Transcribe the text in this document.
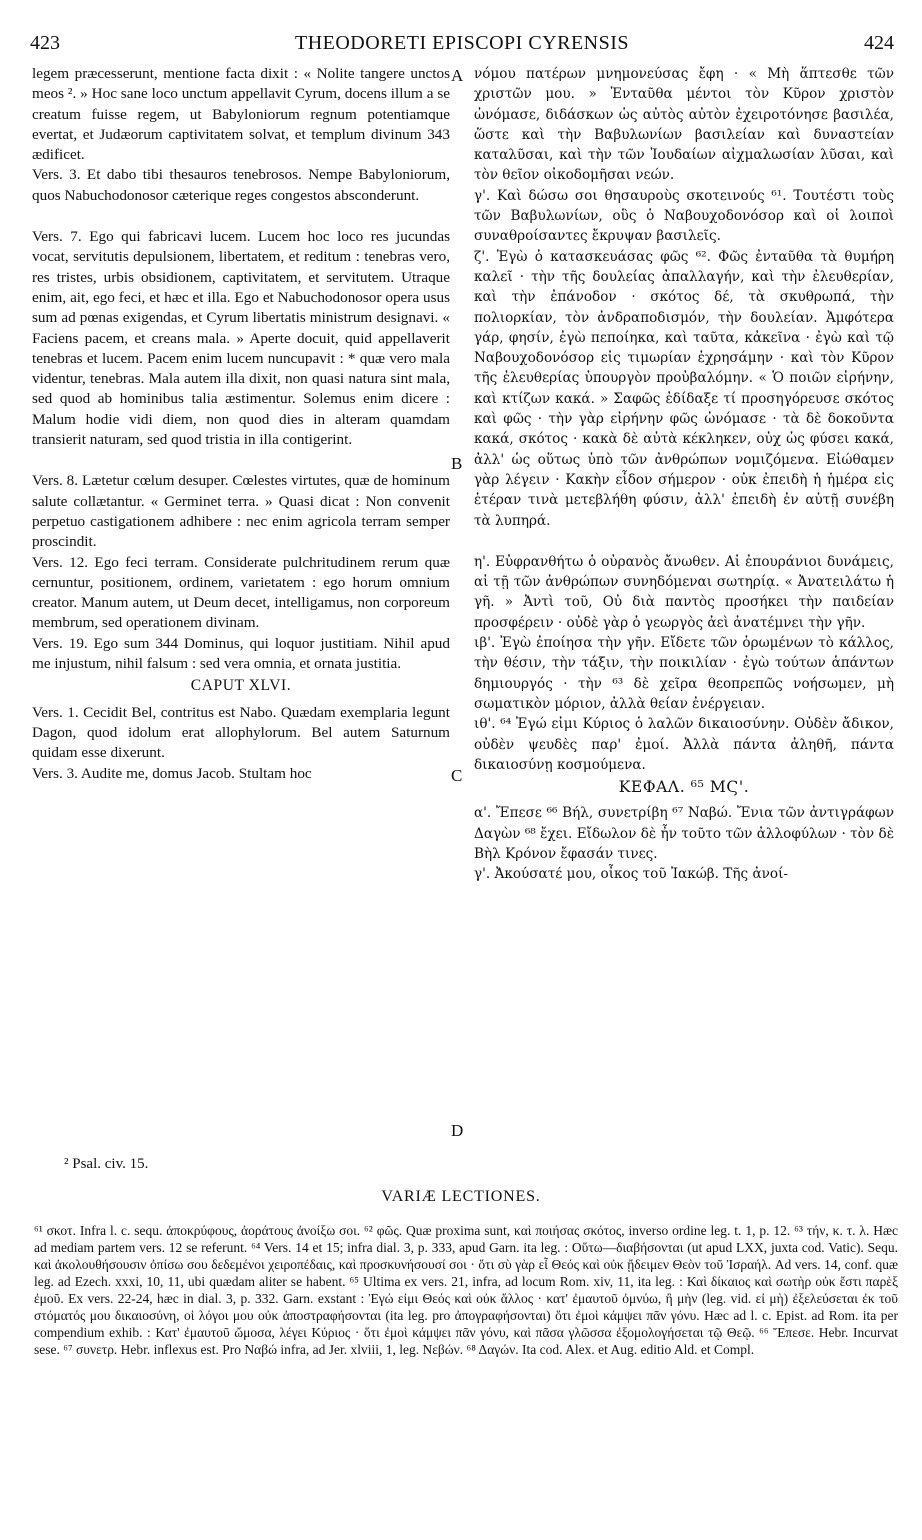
423	THEODORETI EPISCOPI CYRENSIS	424

legem præcesserunt, mentione facta dixit : « Nolite tangere unctos meos ². » Hoc sane loco unctum appellavit Cyrum, docens illum a se creatum fuisse regem, ut Babyloniorum regnum potentiamque evertat, et Judæorum captivitatem solvat, et templum divinum 343 ædificet.

Vers. 3. Et dabo tibi thesauros tenebrosos. Nempe Babyloniorum, quos Nabuchodonosor cæterique reges congestos absconderunt.

Vers. 7. Ego qui fabricavi lucem. Lucem hoc loco res jucundas vocat, servitutis depulsionem, libertatem, et reditum : tenebras vero, res tristes, urbis obsidionem, captivitatem, et servitutem. Utraque enim, ait, ego feci, et hæc et illa. Ego et Nabuchodonosor opera usus sum ad pœnas exigendas, et Cyrum libertatis ministrum designavi. « Faciens pacem, et creans mala. » Aperte docuit, quid appellaverit tenebras et lucem. Pacem enim lucem nuncupavit : * quæ vero mala videntur, tenebras. Mala autem illa dixit, non quasi natura sint mala, sed quod ab hominibus talia æstimentur. Solemus enim dicere : Malum hodie vidi diem, non quod dies in alteram quamdam transierit naturam, sed quod tristia in illa contigerint.

Vers. 8. Lætetur cœlum desuper. Cœlestes virtutes, quæ de hominum salute collætantur. « Germinet terra. » Quasi dicat : Non convenit perpetuo castigationem adhibere : nec enim agricola terram semper proscindit.

Vers. 12. Ego feci terram. Considerate pulchritudinem rerum quæ cernuntur, positionem, ordinem, varietatem : ego horum omnium creator. Manum autem, ut Deum decet, intelligamus, non corporeum membrum, sed operationem divinam.

Vers. 19. Ego sum 344 Dominus, qui loquor justitiam. Nihil apud me injustum, nihil falsum : sed vera omnia, et ornata justitia.

CAPUT XLVI.

Vers. 1. Cecidit Bel, contritus est Nabo. Quædam exemplaria legunt Dagon, quod idolum erat allophylorum. Bel autem Saturnum quidam esse dixerunt.

Vers. 3. Audite me, domus Jacob. Stultam hoc

νόμου πατέρων μνημονεύσας ἔφη · « Μὴ ἅπτεσθε τῶν χριστῶν μου. » Ἐνταῦθα μέντοι τὸν Κῦρον χριστὸν ὠνόμασε, διδάσκων ὡς αὐτὸς αὐτὸν ἐχειροτόνησε βασιλέα, ὥστε καὶ τὴν Βαβυλωνίων βασιλείαν καὶ δυναστείαν καταλῦσαι, καὶ τὴν τῶν Ἰουδαίων αἰχμαλωσίαν λῦσαι, καὶ τὸν θεῖον οἰκοδομῆσαι νεών.

γ'. Καὶ δώσω σοι θησαυροὺς σκοτεινούς ⁶¹. Τουτέστι τοὺς τῶν Βαβυλωνίων, οὓς ὁ Ναβουχοδονόσορ καὶ οἱ λοιποὶ συναθροίσαντες ἔκρυψαν βασιλεῖς.

ζ'. Ἐγὼ ὁ κατασκευάσας φῶς ⁶². Φῶς ἐνταῦθα τὰ θυμήρη καλεῖ · τὴν τῆς δουλείας ἀπαλλαγήν, καὶ τὴν ἐλευθερίαν, καὶ τὴν ἐπάνοδον · σκότος δέ, τὰ σκυθρωπά, τὴν πολιορκίαν, τὸν ἀνδραποδισμόν, τὴν δουλείαν. Ἀμφότερα γάρ, φησίν, ἐγὼ πεποίηκα, καὶ ταῦτα, κἀκεῖνα · ἐγὼ καὶ τῷ Ναβουχοδονόσορ εἰς τιμωρίαν ἐχρησάμην · καὶ τὸν Κῦρον τῆς ἐλευθερίας ὑπουργὸν προὐβαλόμην. « Ὁ ποιῶν εἰρήνην, καὶ κτίζων κακά. » Σαφῶς ἐδίδαξε τί προσηγόρευσε σκότος καὶ φῶς · τὴν γὰρ εἰρήνην φῶς ὠνόμασε · τὰ δὲ δοκοῦντα κακά, σκότος · κακὰ δὲ αὐτὰ κέκληκεν, οὐχ ὡς φύσει κακά, ἀλλ' ὡς οὕτως ὑπὸ τῶν ἀνθρώπων νομιζόμενα. Εἰώθαμεν γὰρ λέγειν · Κακὴν εἶδον σήμερον · οὐκ ἐπειδὴ ἡ ἡμέρα εἰς ἑτέραν τινὰ μετεβλήθη φύσιν, ἀλλ' ἐπειδὴ ἐν αὐτῇ συνέβη τὰ λυπηρά.

η'. Εὐφρανθήτω ὁ οὐρανὸς ἄνωθεν. Αἱ ἐπουράνιοι δυνάμεις, αἱ τῇ τῶν ἀνθρώπων συνηδόμεναι σωτηρίᾳ. « Ἀνατειλάτω ἡ γῆ. » Ἀντὶ τοῦ, Οὐ διὰ παντὸς προσήκει τὴν παιδείαν προσφέρειν · οὐδὲ γὰρ ὁ γεωργὸς ἀεὶ ἀνατέμνει τὴν γῆν.

ιβ'. Ἐγὼ ἐποίησα τὴν γῆν. Εἴδετε τῶν ὁρωμένων τὸ κάλλος, τὴν θέσιν, τὴν τάξιν, τὴν ποικιλίαν · ἐγὼ τούτων ἁπάντων δημιουργός · τὴν ⁶³ δὲ χεῖρα θεοπρεπῶς νοήσωμεν, μὴ σωματικὸν μόριον, ἀλλὰ θείαν ἐνέργειαν.

ιθ'. ⁶⁴ Ἐγώ εἰμι Κύριος ὁ λαλῶν δικαιοσύνην. Οὐδὲν ἄδικον, οὐδὲν ψευδὲς παρ' ἐμοί. Ἀλλὰ πάντα ἀληθῆ, πάντα δικαιοσύνῃ κοσμούμενα.

ΚΕΦΑΛ. ⁶⁵ ΜϚ'.

α'. Ἔπεσε ⁶⁶ Βήλ, συνετρίβη ⁶⁷ Ναβώ. Ἔνια τῶν ἀντιγράφων Δαγὼν ⁶⁸ ἔχει. Εἴδωλον δὲ ἦν τοῦτο τῶν ἀλλοφύλων · τὸν δὲ Βὴλ Κρόνον ἔφασάν τινες.

γ'. Ἀκούσατέ μου, οἶκος τοῦ Ἰακώβ. Τῆς ἀνοί-

A
B
C
D
² Psal. civ. 15.
VARIÆ LECTIONES.

⁶¹ σκοτ. Infra l. c. sequ. ἀποκρύφους, ἀοράτους ἀνοίξω σοι. ⁶² φῶς. Quæ proxima sunt, καὶ ποιήσας σκότος, inverso ordine leg. t. 1, p. 12. ⁶³ τήν, κ. τ. λ. Hæc ad mediam partem vers. 12 se referunt. ⁶⁴ Vers. 14 et 15; infra dial. 3, p. 333, apud Garn. ita leg. : Οὕτω—διαβήσονται (ut apud LXX, juxta cod. Vatic). Sequ. καὶ ἀκολουθήσουσιν ὀπίσω σου δεδεμένοι χειροπέδαις, καὶ προσκυνήσουσί σοι · ὅτι σὺ γὰρ εἶ Θεός καὶ οὐκ ᾔδειμεν Θεὸν τοῦ Ἰσραήλ. Ad vers. 14, conf. quæ leg. ad Ezech. xxxi, 10, 11, ubi quædam aliter se habent. ⁶⁵ Ultima ex vers. 21, infra, ad locum Rom. xiv, 11, ita leg. : Καὶ δίκαιος καὶ σωτὴρ οὐκ ἔστι παρὲξ ἐμοῦ. Ex vers. 22-24, hæc in dial. 3, p. 332. Garn. exstant : Ἐγώ εἰμι Θεός καὶ οὐκ ἄλλος · κατ' ἐμαυτοῦ ὀμνύω, ἢ μὴν (leg. vid. εἰ μὴ) ἐξελεύσεται ἐκ τοῦ στόματός μου δικαιοσύνη, οἱ λόγοι μου οὐκ ἀποστραφήσονται (ita leg. pro ἀπογραφήσονται) ὅτι ἐμοὶ κάμψει πᾶν γόνυ. Hæc ad l. c. Epist. ad Rom. ita per compendium exhib. : Κατ' ἐμαυτοῦ ὤμοσα, λέγει Κύριος · ὅτι ἐμοὶ κάμψει πᾶν γόνυ, καὶ πᾶσα γλῶσσα ἐξομολογήσεται τῷ Θεῷ. ⁶⁶ Ἔπεσε. Hebr. Incurvat sese. ⁶⁷ συνετρ. Hebr. inflexus est. Pro Ναβώ infra, ad Jer. xlviii, 1, leg. Νεβών. ⁶⁸ Δαγών. Ita cod. Alex. et Aug. editio Ald. et Compl.
